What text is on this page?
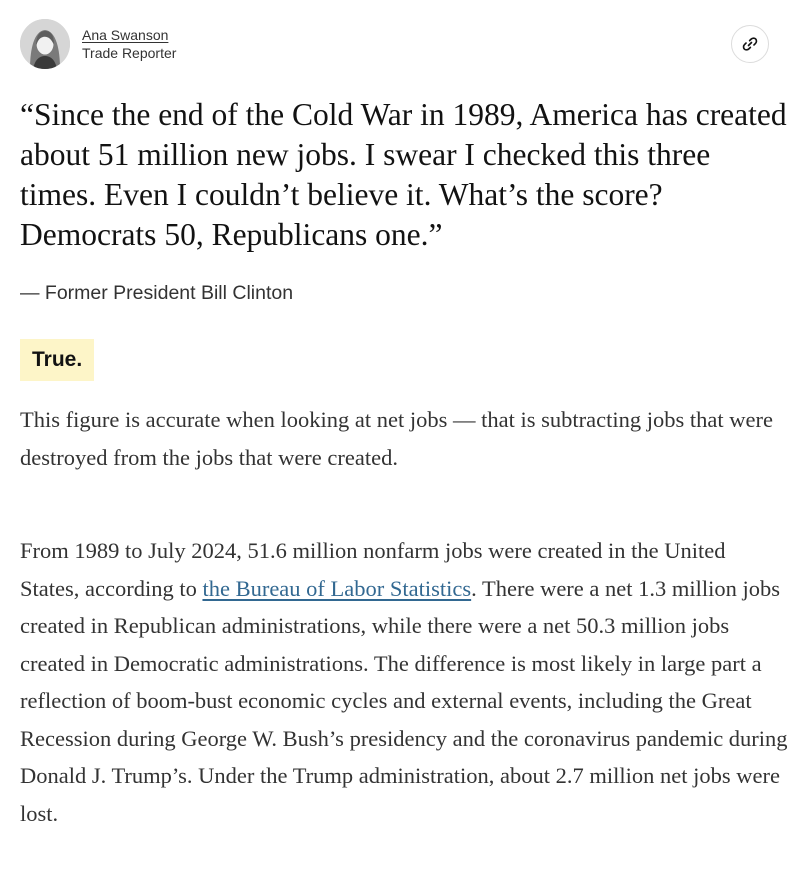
Ana Swanson
Trade Reporter

“Since the end of the Cold War in 1989, America has created about 51 million new jobs. I swear I checked this three times. Even I couldn’t believe it. What’s the score? Democrats 50, Republicans one.”

— Former President Bill Clinton

True.

This figure is accurate when looking at net jobs — that is subtracting jobs that were destroyed from the jobs that were created.

From 1989 to July 2024, 51.6 million nonfarm jobs were created in the United States, according to the Bureau of Labor Statistics. There were a net 1.3 million jobs created in Republican administrations, while there were a net 50.3 million jobs created in Democratic administrations. The difference is most likely in large part a reflection of boom-bust economic cycles and external events, including the Great Recession during George W. Bush’s presidency and the coronavirus pandemic during Donald J. Trump’s. Under the Trump administration, about 2.7 million net jobs were lost.
